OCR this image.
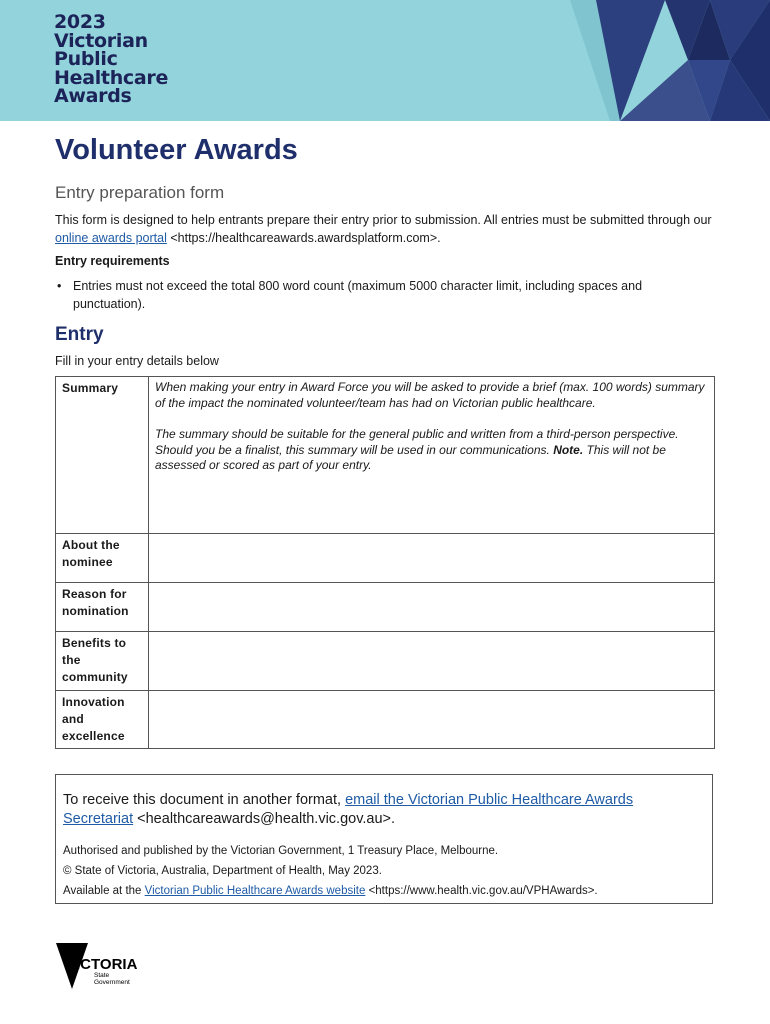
2023
Victorian
Public
Healthcare
Awards
Volunteer Awards
Entry preparation form

This form is designed to help entrants prepare their entry prior to submission. All entries must be submitted through our online awards portal <https://healthcareawards.awardsplatform.com>.

Entry requirements

• Entries must not exceed the total 800 word count (maximum 5000 character limit, including spaces and punctuation).
Entry

Fill in your entry details below

Summary	When making your entry in Award Force you will be asked to provide a brief (max. 100 words) summary of the impact the nominated volunteer/team has had on Victorian public healthcare.

The summary should be suitable for the general public and written from a third-person perspective. Should you be a finalist, this summary will be used in our communications. Note. This will not be assessed or scored as part of your entry.

About the nominee	

Reason for nomination	

Benefits to the community	

Innovation and excellence	

To receive this document in another format, email the Victorian Public Healthcare Awards Secretariat <healthcareawards@health.vic.gov.au>.

Authorised and published by the Victorian Government, 1 Treasury Place, Melbourne.

© State of Victoria, Australia, Department of Health, May 2023.

Available at the Victorian Public Healthcare Awards website <https://www.health.vic.gov.au/VPHAwards>.

VICTORIA
State
Government
